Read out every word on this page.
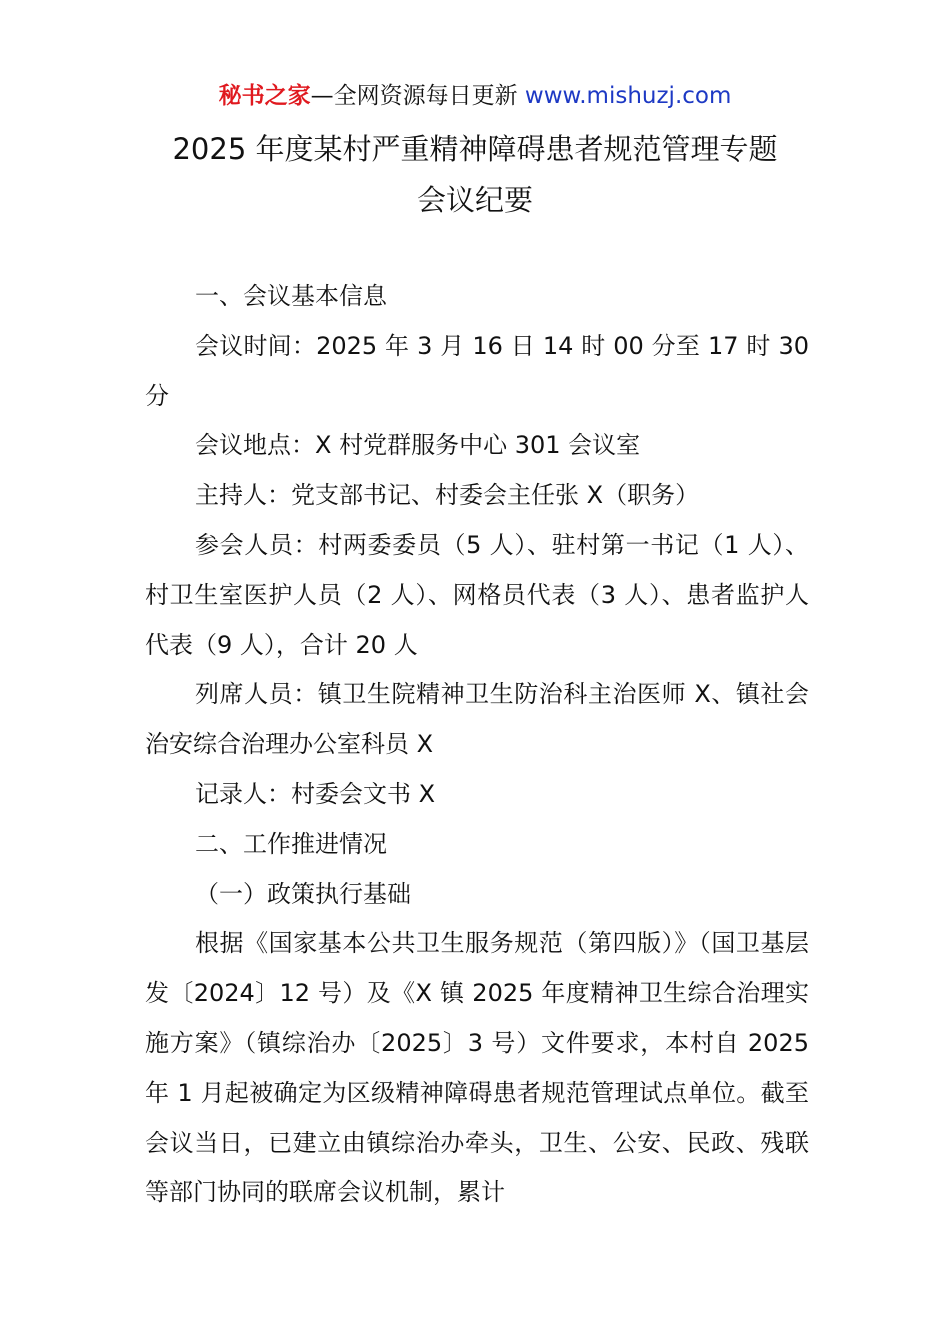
秘书之家—全网资源每日更新 www.mishuzj.com
2025 年度某村严重精神障碍患者规范管理专题
会议纪要

一、会议基本信息

会议时间：2025 年 3 月 16 日 14 时 00 分至 17 时 30 分

会议地点：X 村党群服务中心 301 会议室

主持人：党支部书记、村委会主任张 X（职务）

参会人员：村两委委员（5 人）、驻村第一书记（1 人）、村卫生室医护人员（2 人）、网格员代表（3 人）、患者监护人代表（9 人），合计 20 人

列席人员：镇卫生院精神卫生防治科主治医师 X、镇社会治安综合治理办公室科员 X

记录人：村委会文书 X

二、工作推进情况

（一）政策执行基础

根据《国家基本公共卫生服务规范（第四版）》（国卫基层发〔2024〕12 号）及《X 镇 2025 年度精神卫生综合治理实施方案》（镇综治办〔2025〕3 号）文件要求，本村自 2025 年 1 月起被确定为区级精神障碍患者规范管理试点单位。截至会议当日，已建立由镇综治办牵头，卫生、公安、民政、残联等部门协同的联席会议机制，累计
